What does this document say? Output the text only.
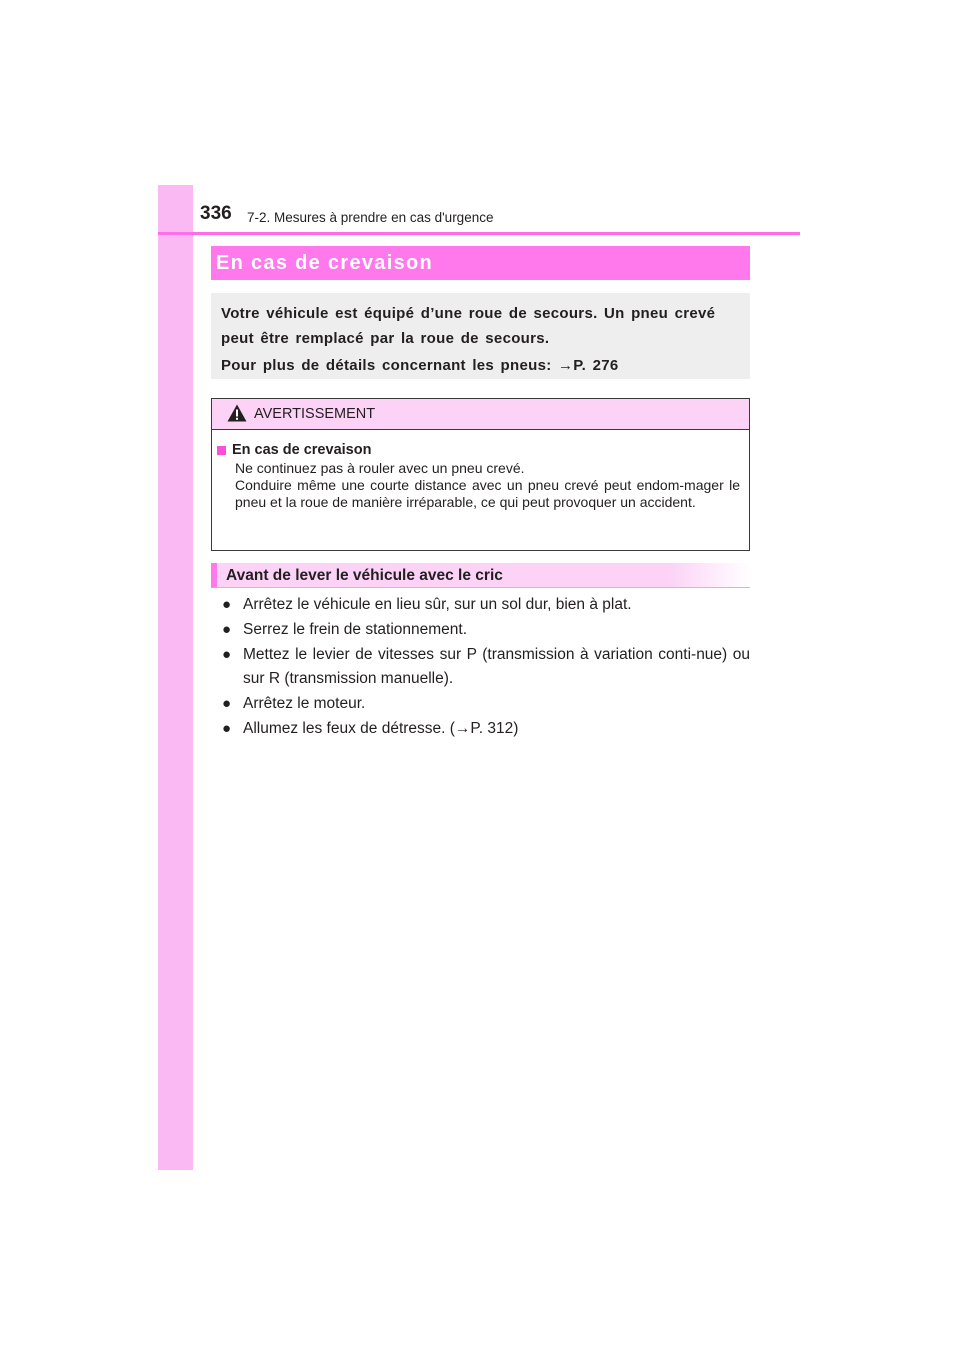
336 7-2. Mesures à prendre en cas d'urgence
En cas de crevaison

Votre véhicule est équipé d’une roue de secours. Un pneu crevé peut être remplacé par la roue de secours.

Pour plus de détails concernant les pneus: →P. 276

AVERTISSEMENT
En cas de crevaison

Ne continuez pas à rouler avec un pneu crevé.

Conduire même une courte distance avec un pneu crevé peut endom-mager le pneu et la roue de manière irréparable, ce qui peut provoquer un accident.

Avant de lever le véhicule avec le cric
● Arrêtez le véhicule en lieu sûr, sur un sol dur, bien à plat.
● Serrez le frein de stationnement.
● Mettez le levier de vitesses sur P (transmission à variation conti-nue) ou sur R (transmission manuelle).
● Arrêtez le moteur.
● Allumez les feux de détresse. (→P. 312)
